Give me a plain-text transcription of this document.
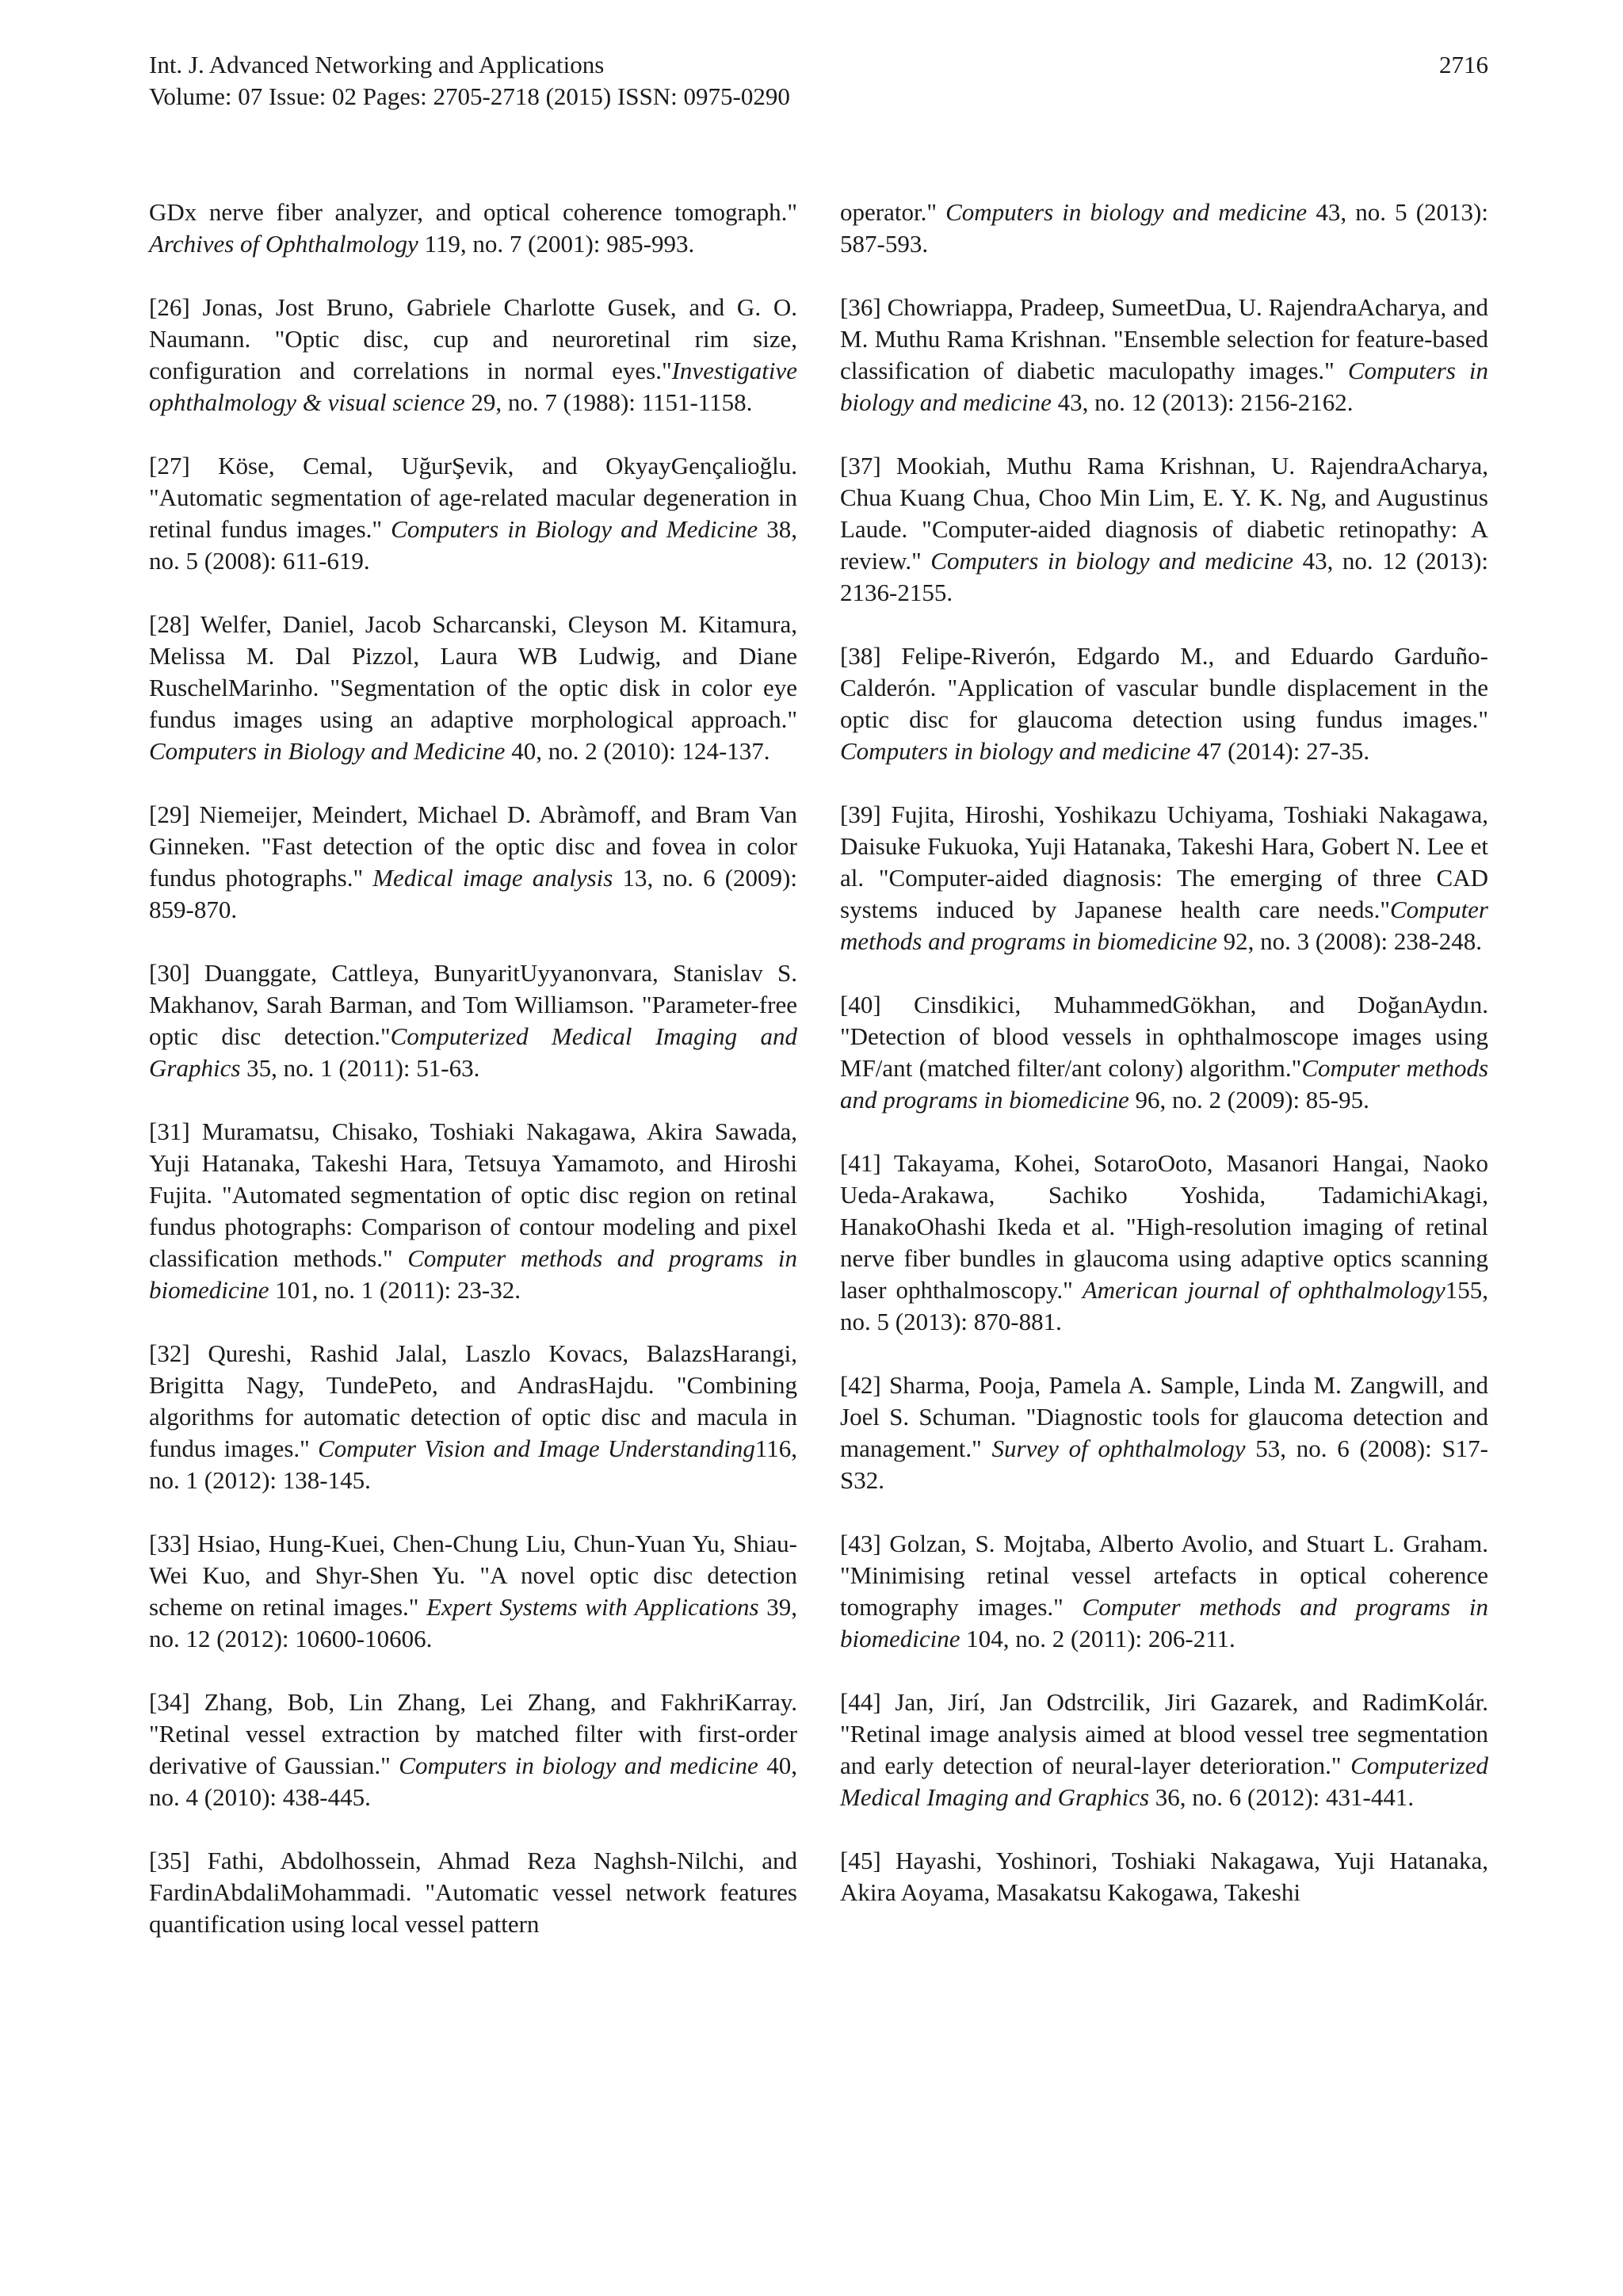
Int. J. Advanced Networking and Applications
Volume: 07 Issue: 02 Pages: 2705-2718 (2015) ISSN: 0975-0290
2716

GDx nerve fiber analyzer, and optical coherence tomograph." Archives of Ophthalmology 119, no. 7 (2001): 985-993.

[26] Jonas, Jost Bruno, Gabriele Charlotte Gusek, and G. O. Naumann. "Optic disc, cup and neuroretinal rim size, configuration and correlations in normal eyes."Investigative ophthalmology & visual science 29, no. 7 (1988): 1151-1158.

[27] Köse, Cemal, UğurŞevik, and OkyayGençalioğlu. "Automatic segmentation of age-related macular degeneration in retinal fundus images." Computers in Biology and Medicine 38, no. 5 (2008): 611-619.

[28] Welfer, Daniel, Jacob Scharcanski, Cleyson M. Kitamura, Melissa M. Dal Pizzol, Laura WB Ludwig, and Diane RuschelMarinho. "Segmentation of the optic disk in color eye fundus images using an adaptive morphological approach." Computers in Biology and Medicine 40, no. 2 (2010): 124-137.

[29] Niemeijer, Meindert, Michael D. Abràmoff, and Bram Van Ginneken. "Fast detection of the optic disc and fovea in color fundus photographs." Medical image analysis 13, no. 6 (2009): 859-870.

[30] Duanggate, Cattleya, BunyaritUyyanonvara, Stanislav S. Makhanov, Sarah Barman, and Tom Williamson. "Parameter-free optic disc detection."Computerized Medical Imaging and Graphics 35, no. 1 (2011): 51-63.

[31] Muramatsu, Chisako, Toshiaki Nakagawa, Akira Sawada, Yuji Hatanaka, Takeshi Hara, Tetsuya Yamamoto, and Hiroshi Fujita. "Automated segmentation of optic disc region on retinal fundus photographs: Comparison of contour modeling and pixel classification methods." Computer methods and programs in biomedicine 101, no. 1 (2011): 23-32.

[32] Qureshi, Rashid Jalal, Laszlo Kovacs, BalazsHarangi, Brigitta Nagy, TundePeto, and AndrasHajdu. "Combining algorithms for automatic detection of optic disc and macula in fundus images." Computer Vision and Image Understanding116, no. 1 (2012): 138-145.

[33] Hsiao, Hung-Kuei, Chen-Chung Liu, Chun-Yuan Yu, Shiau-Wei Kuo, and Shyr-Shen Yu. "A novel optic disc detection scheme on retinal images." Expert Systems with Applications 39, no. 12 (2012): 10600-10606.

[34] Zhang, Bob, Lin Zhang, Lei Zhang, and FakhriKarray. "Retinal vessel extraction by matched filter with first-order derivative of Gaussian." Computers in biology and medicine 40, no. 4 (2010): 438-445.

[35] Fathi, Abdolhossein, Ahmad Reza Naghsh-Nilchi, and FardinAbdaliMohammadi. "Automatic vessel network features quantification using local vessel pattern

operator." Computers in biology and medicine 43, no. 5 (2013): 587-593.

[36] Chowriappa, Pradeep, SumeetDua, U. RajendraAcharya, and M. Muthu Rama Krishnan. "Ensemble selection for feature-based classification of diabetic maculopathy images." Computers in biology and medicine 43, no. 12 (2013): 2156-2162.

[37] Mookiah, Muthu Rama Krishnan, U. RajendraAcharya, Chua Kuang Chua, Choo Min Lim, E. Y. K. Ng, and Augustinus Laude. "Computer-aided diagnosis of diabetic retinopathy: A review." Computers in biology and medicine 43, no. 12 (2013): 2136-2155.

[38] Felipe-Riverón, Edgardo M., and Eduardo Garduño-Calderón. "Application of vascular bundle displacement in the optic disc for glaucoma detection using fundus images." Computers in biology and medicine 47 (2014): 27-35.

[39] Fujita, Hiroshi, Yoshikazu Uchiyama, Toshiaki Nakagawa, Daisuke Fukuoka, Yuji Hatanaka, Takeshi Hara, Gobert N. Lee et al. "Computer-aided diagnosis: The emerging of three CAD systems induced by Japanese health care needs."Computer methods and programs in biomedicine 92, no. 3 (2008): 238-248.

[40] Cinsdikici, MuhammedGökhan, and DoğanAydın. "Detection of blood vessels in ophthalmoscope images using MF/ant (matched filter/ant colony) algorithm."Computer methods and programs in biomedicine 96, no. 2 (2009): 85-95.

[41] Takayama, Kohei, SotaroOoto, Masanori Hangai, Naoko Ueda-Arakawa, Sachiko Yoshida, TadamichiAkagi, HanakoOhashi Ikeda et al. "High-resolution imaging of retinal nerve fiber bundles in glaucoma using adaptive optics scanning laser ophthalmoscopy." American journal of ophthalmology155, no. 5 (2013): 870-881.

[42] Sharma, Pooja, Pamela A. Sample, Linda M. Zangwill, and Joel S. Schuman. "Diagnostic tools for glaucoma detection and management." Survey of ophthalmology 53, no. 6 (2008): S17-S32.

[43] Golzan, S. Mojtaba, Alberto Avolio, and Stuart L. Graham. "Minimising retinal vessel artefacts in optical coherence tomography images." Computer methods and programs in biomedicine 104, no. 2 (2011): 206-211.

[44] Jan, Jirí, Jan Odstrcilik, Jiri Gazarek, and RadimKolár. "Retinal image analysis aimed at blood vessel tree segmentation and early detection of neural-layer deterioration." Computerized Medical Imaging and Graphics 36, no. 6 (2012): 431-441.

[45] Hayashi, Yoshinori, Toshiaki Nakagawa, Yuji Hatanaka, Akira Aoyama, Masakatsu Kakogawa, Takeshi
